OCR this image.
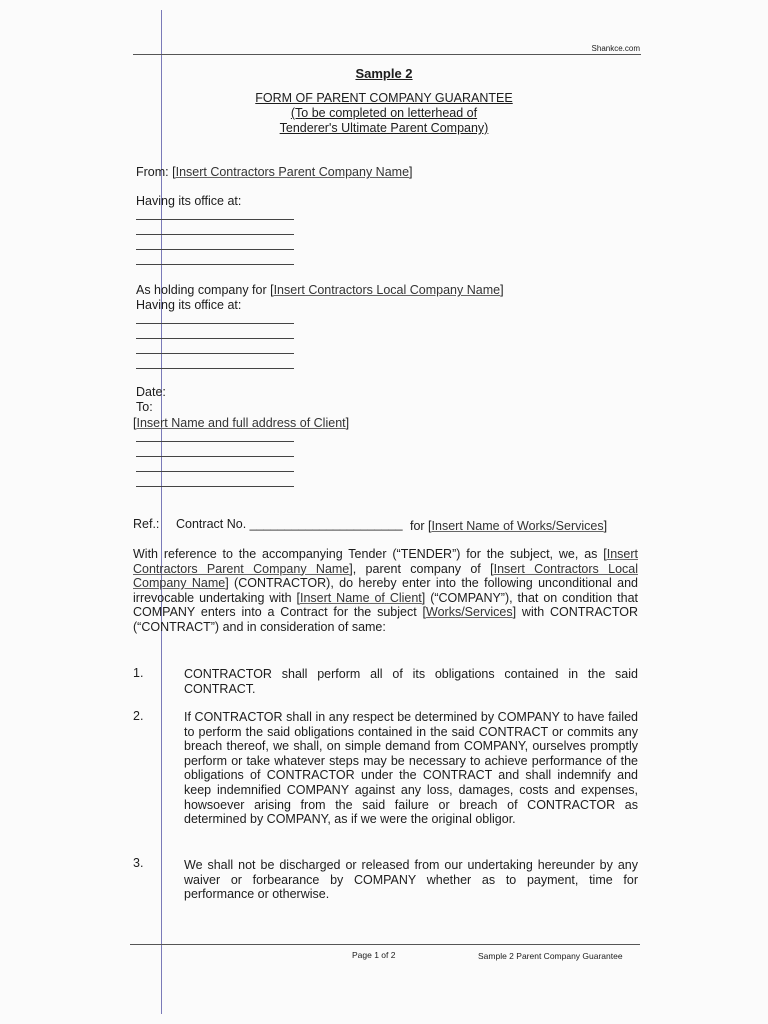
Shankce.com
Sample 2
FORM OF PARENT COMPANY GUARANTEE
(To be completed on letterhead of
Tenderer's Ultimate Parent Company)
From: [Insert Contractors Parent Company Name]
Having its office at:
As holding company for [Insert Contractors Local Company Name]
Having its office at:
Date:
To:
[Insert Name and full address of Client]
Ref.: Contract No. ______________________ for [Insert Name of Works/Services]
With reference to the accompanying Tender (“TENDER”) for the subject, we, as [Insert Contractors Parent Company Name], parent company of [Insert Contractors Local Company Name] (CONTRACTOR), do hereby enter into the following unconditional and irrevocable undertaking with [Insert Name of Client] (“COMPANY”), that on condition that COMPANY enters into a Contract for the subject [Works/Services] with CONTRACTOR (“CONTRACT”) and in consideration of same:
1.	CONTRACTOR shall perform all of its obligations contained in the said CONTRACT.
2.	If CONTRACTOR shall in any respect be determined by COMPANY to have failed to perform the said obligations contained in the said CONTRACT or commits any breach thereof, we shall, on simple demand from COMPANY, ourselves promptly perform or take whatever steps may be necessary to achieve performance of the obligations of CONTRACTOR under the CONTRACT and shall indemnify and keep indemnified COMPANY against any loss, damages, costs and expenses, howsoever arising from the said failure or breach of CONTRACTOR as determined by COMPANY, as if we were the original obligor.
3.	We shall not be discharged or released from our undertaking hereunder by any waiver or forbearance by COMPANY whether as to payment, time for performance or otherwise.
Page 1 of 2	Sample 2 Parent Company Guarantee
